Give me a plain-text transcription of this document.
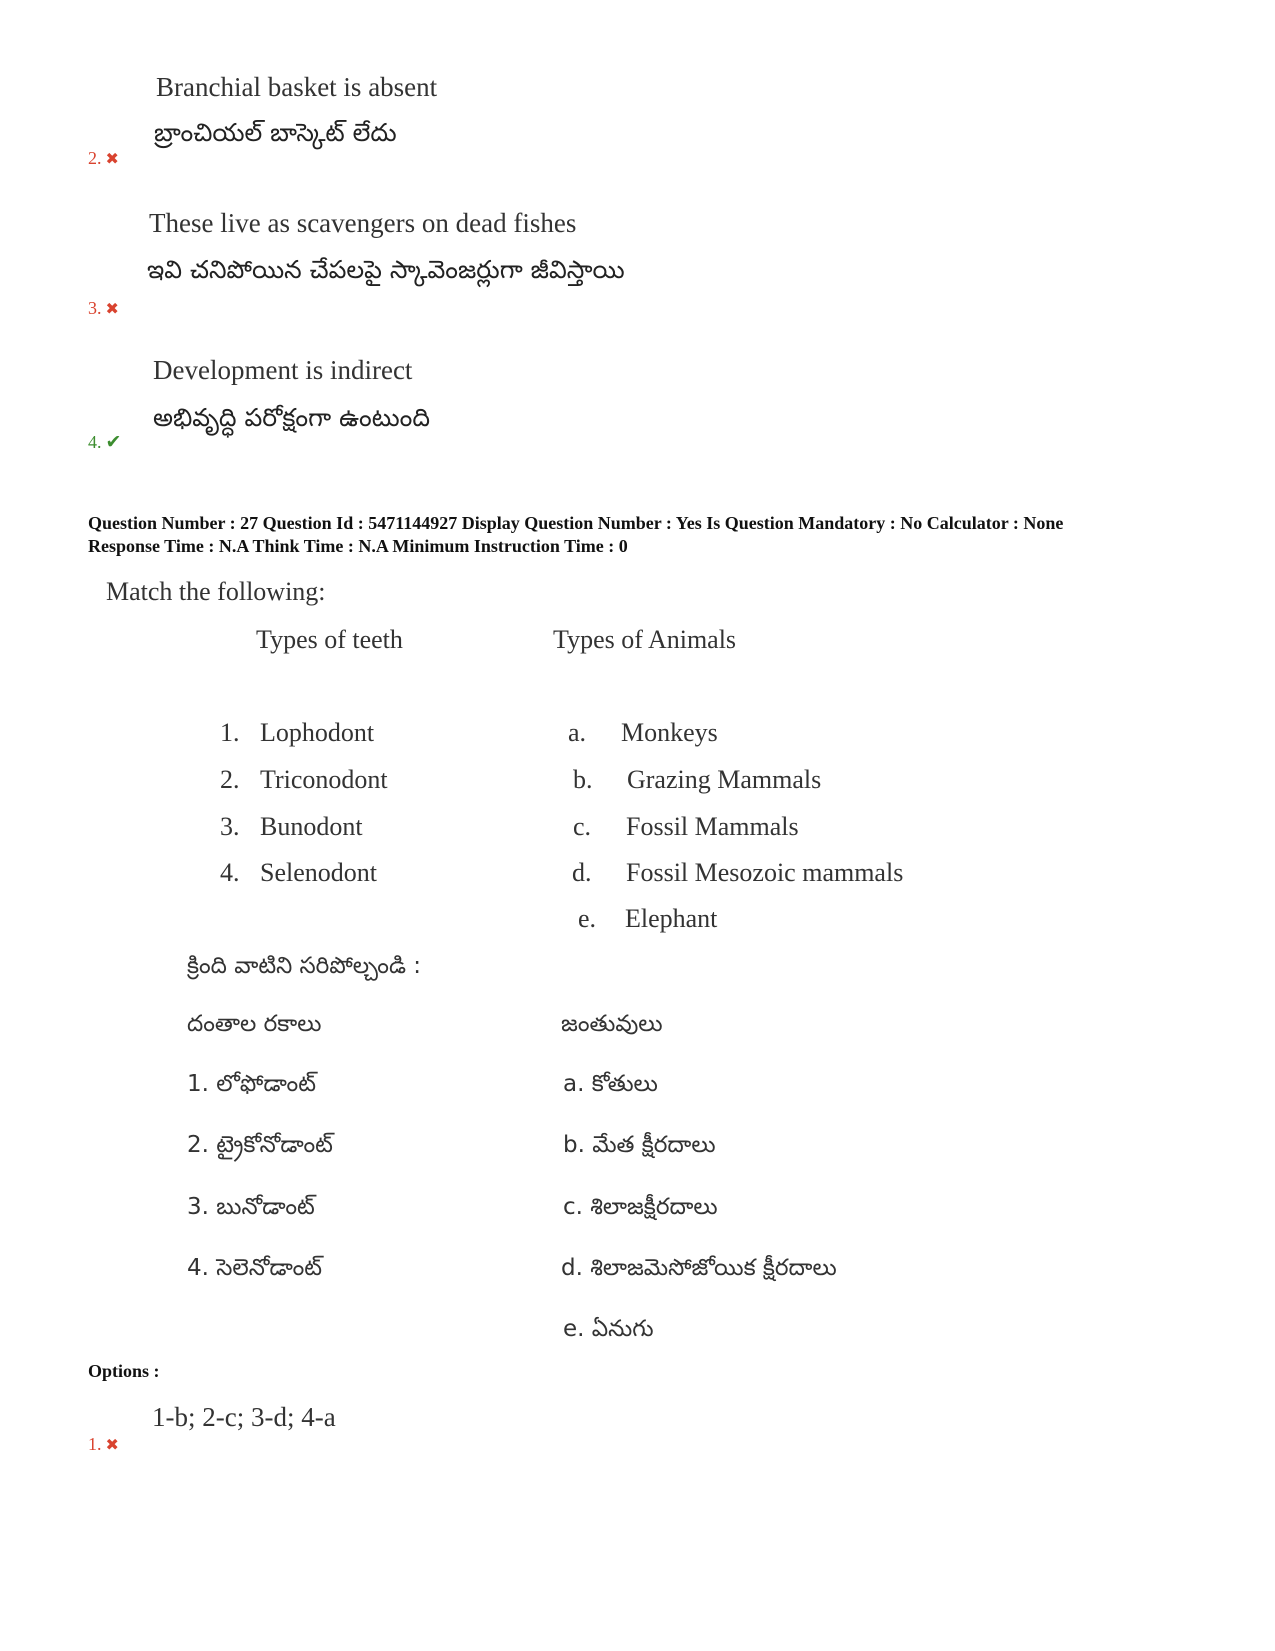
Branchial basket is absent
బ్రాంచియల్ బాస్కెట్ లేదు
2. ✖
These live as scavengers on dead fishes
ఇవి చనిపోయిన చేపలపై స్కావెంజర్లుగా జీవిస్తాయి
3. ✖
Development is indirect
అభివృద్ధి పరోక్షంగా ఉంటుంది
4. ✔
Question Number : 27 Question Id : 5471144927 Display Question Number : Yes Is Question Mandatory : No Calculator : None
Response Time : N.A Think Time : N.A Minimum Instruction Time : 0
Match the following:
Types of teeth	Types of Animals
1. Lophodont
2. Triconodont
3. Bunodont
4. Selenodont
a. Monkeys
b. Grazing Mammals
c. Fossil Mammals
d. Fossil Mesozoic mammals
e. Elephant
క్రింది వాటిని సరిపోల్చండి :
దంతాల రకాలు	జంతువులు
1. లోఫోడాంట్
2. ట్రైకోనోడాంట్
3. బునోడాంట్
4. సెలెనోడాంట్
a. కోతులు
b. మేత క్షీరదాలు
c. శిలాజక్షీరదాలు
d. శిలాజమెసోజోయిక క్షీరదాలు
e. ఏనుగు
Options :
1-b; 2-c; 3-d; 4-a
1. ✖
